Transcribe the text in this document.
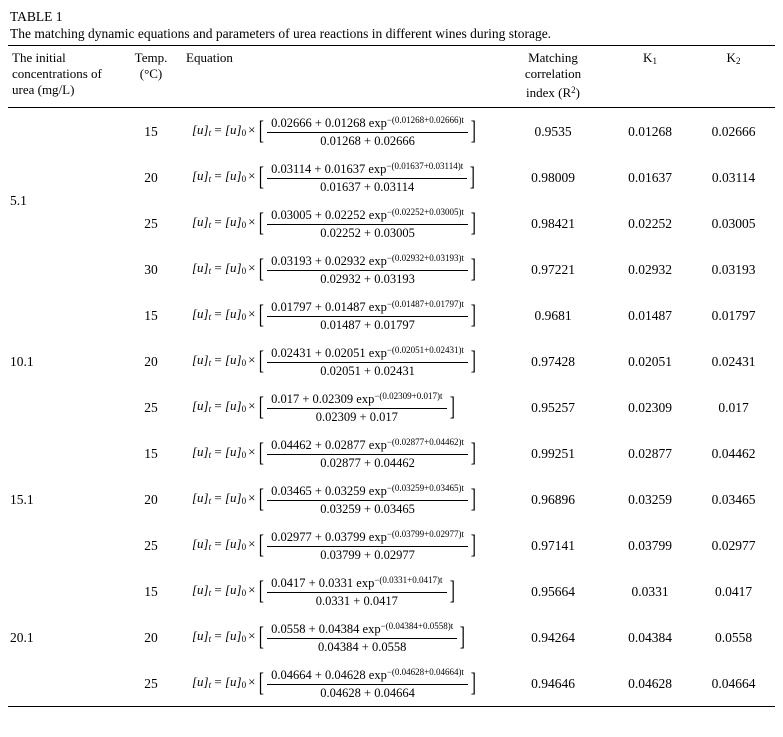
TABLE 1
The matching dynamic equations and parameters of urea reactions in different wines during storage.
The initial concentrations of urea (mg/L)	Temp. (°C)	Equation	Matching
correlation
index $(R^2)$	K1	K2
5.1	15	$[u]_t = [u]_0$ × [ $\frac{0.02666 + 0.01268 \exp^{-(0.01268+0.02666)t}}{0.01268 + 0.02666}$ ]	0.9535	0.01268	0.02666
	20	$[u]_t = [u]_0$ × [ $\frac{0.03114 + 0.01637 \exp^{-(0.01637+0.03114)t}}{0.01637 + 0.03114}$ ]	0.98009	0.01637	0.03114
	25	$[u]_t = [u]_0$ × [ $\frac{0.03005 + 0.02252 \exp^{-(0.02252+0.03005)t}}{0.02252 + 0.03005}$ ]	0.98421	0.02252	0.03005
	30	$[u]_t = [u]_0$ × [ $\frac{0.03193 + 0.02932 \exp^{-(0.02932+0.03193)t}}{0.02932 + 0.03193}$ ]	0.97221	0.02932	0.03193
10.1	15	$[u]_t = [u]_0$ × [ $\frac{0.01797 + 0.01487 \exp^{-(0.01487+0.01797)t}}{0.01487 + 0.01797}$ ]	0.9681	0.01487	0.01797
	20	$[u]_t = [u]_0$ × [ $\frac{0.02431 + 0.02051 \exp^{-(0.02051+0.02431)t}}{0.02051 + 0.02431}$ ]	0.97428	0.02051	0.02431
	25	$[u]_t = [u]_0$ × [ $\frac{0.017 + 0.02309 \exp^{-(0.02309+0.017)t}}{0.02309 + 0.017}$ ]	0.95257	0.02309	0.017
15.1	15	$[u]_t = [u]_0$ × [ $\frac{0.04462 + 0.02877 \exp^{-(0.02877+0.04462)t}}{0.02877 + 0.04462}$ ]	0.99251	0.02877	0.04462
	20	$[u]_t = [u]_0$ × [ $\frac{0.03465 + 0.03259 \exp^{-(0.03259+0.03465)t}}{0.03259 + 0.03465}$ ]	0.96896	0.03259	0.03465
	25	$[u]_t = [u]_0$ × [ $\frac{0.02977 + 0.03799 \exp^{-(0.03799+0.02977)t}}{0.03799 + 0.02977}$ ]	0.97141	0.03799	0.02977
20.1	15	$[u]_t = [u]_0$ × [ $\frac{0.0417 + 0.0331 \exp^{-(0.0331+0.0417)t}}{0.0331 + 0.0417}$ ]	0.95664	0.0331	0.0417
	20	$[u]_t = [u]_0$ × [ $\frac{0.0558 + 0.04384 \exp^{-(0.04384+0.0558)t}}{0.04384 + 0.0558}$ ]	0.94264	0.04384	0.0558
	25	$[u]_t = [u]_0$ × [ $\frac{0.04664 + 0.04628 \exp^{-(0.04628+0.04664)t}}{0.04628 + 0.04664}$ ]	0.94646	0.04628	0.04664
